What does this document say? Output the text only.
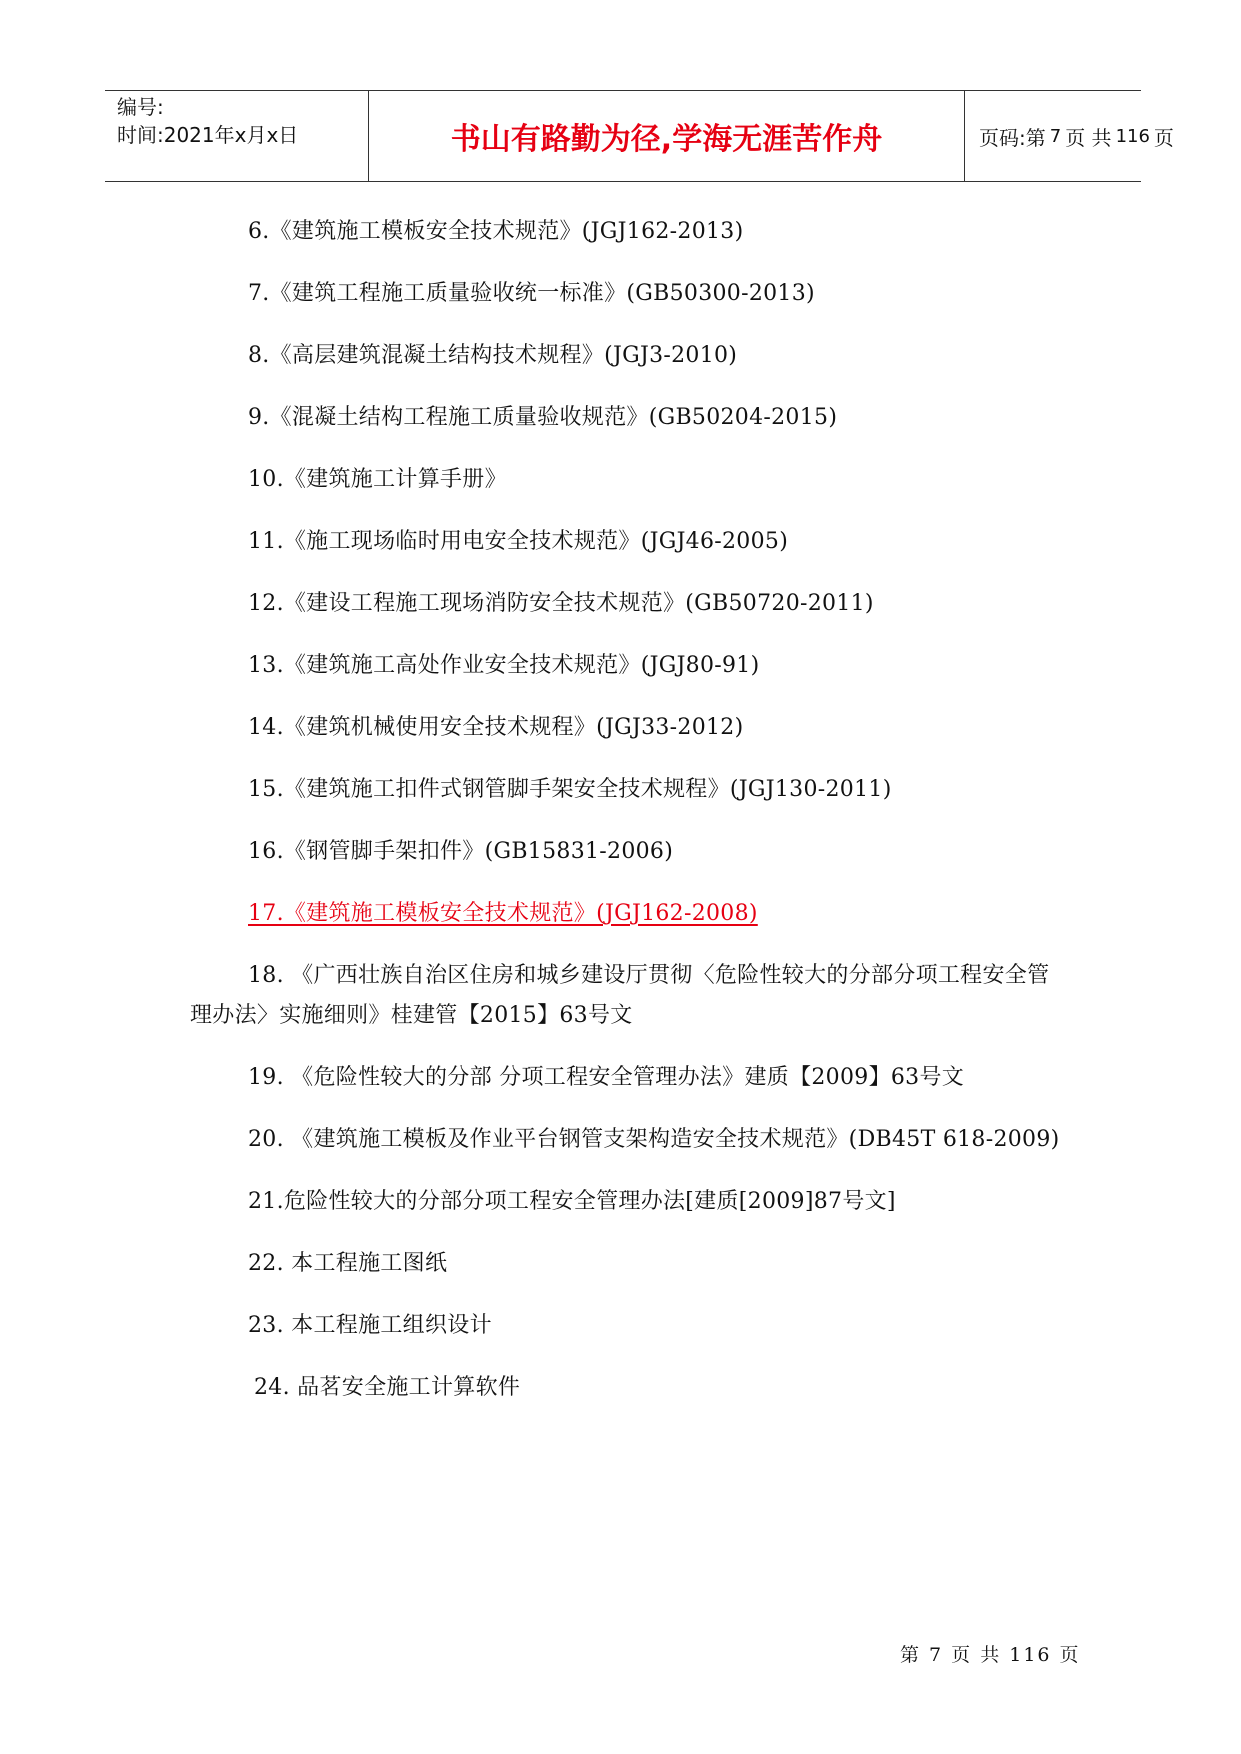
编号:
时间:2021年x月x日	书山有路勤为径,学海无涯苦作舟	页码:第 7 页 共 116 页

6.《建筑施工模板安全技术规范》(JGJ162-2013)

7.《建筑工程施工质量验收统一标准》(GB50300-2013)

8.《高层建筑混凝土结构技术规程》(JGJ3-2010)

9.《混凝土结构工程施工质量验收规范》(GB50204-2015)

10.《建筑施工计算手册》

11.《施工现场临时用电安全技术规范》(JGJ46-2005)

12.《建设工程施工现场消防安全技术规范》(GB50720-2011)

13.《建筑施工高处作业安全技术规范》(JGJ80-91)

14.《建筑机械使用安全技术规程》(JGJ33-2012)

15.《建筑施工扣件式钢管脚手架安全技术规程》(JGJ130-2011)

16.《钢管脚手架扣件》(GB15831-2006)

17.《建筑施工模板安全技术规范》(JGJ162-2008)

18. 《广西壮族自治区住房和城乡建设厅贯彻〈危险性较大的分部分项工程安全管理办法〉实施细则》桂建管【2015】63号文

19. 《危险性较大的分部 分项工程安全管理办法》建质【2009】63号文

20. 《建筑施工模板及作业平台钢管支架构造安全技术规范》(DB45T 618-2009)

21.危险性较大的分部分项工程安全管理办法[建质[2009]87号文]

22. 本工程施工图纸

23. 本工程施工组织设计

24. 品茗安全施工计算软件

第 7 页 共 116 页
